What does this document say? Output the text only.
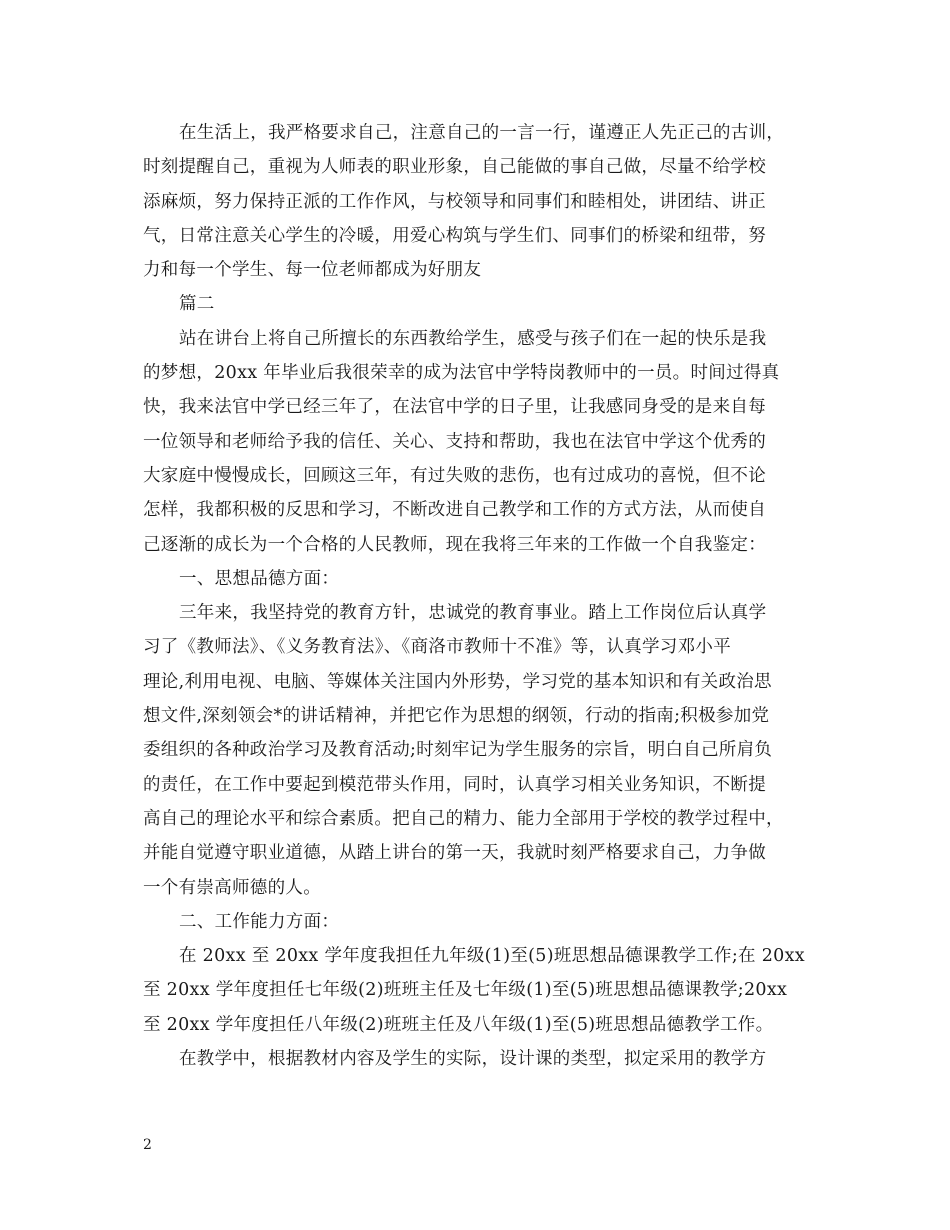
在生活上，我严格要求自己，注意自己的一言一行，谨遵正人先正己的古训，
时刻提醒自己，重视为人师表的职业形象，自己能做的事自己做，尽量不给学校
添麻烦，努力保持正派的工作作风，与校领导和同事们和睦相处，讲团结、讲正
气，日常注意关心学生的冷暖，用爱心构筑与学生们、同事们的桥梁和纽带，努
力和每一个学生、每一位老师都成为好朋友
篇二
站在讲台上将自己所擅长的东西教给学生，感受与孩子们在一起的快乐是我
的梦想，20xx 年毕业后我很荣幸的成为法官中学特岗教师中的一员。时间过得真
快，我来法官中学已经三年了，在法官中学的日子里，让我感同身受的是来自每
一位领导和老师给予我的信任、关心、支持和帮助，我也在法官中学这个优秀的
大家庭中慢慢成长，回顾这三年，有过失败的悲伤，也有过成功的喜悦，但不论
怎样，我都积极的反思和学习，不断改进自己教学和工作的方式方法，从而使自
己逐渐的成长为一个合格的人民教师，现在我将三年来的工作做一个自我鉴定：
一、思想品德方面：
三年来，我坚持党的教育方针，忠诚党的教育事业。踏上工作岗位后认真学
习了《教师法》、《义务教育法》、《商洛市教师十不准》等，认真学习邓小平
理论,利用电视、电脑、等媒体关注国内外形势，学习党的基本知识和有关政治思
想文件,深刻领会*的讲话精神，并把它作为思想的纲领，行动的指南;积极参加党
委组织的各种政治学习及教育活动;时刻牢记为学生服务的宗旨，明白自己所肩负
的责任，在工作中要起到模范带头作用，同时，认真学习相关业务知识，不断提
高自己的理论水平和综合素质。把自己的精力、能力全部用于学校的教学过程中，
并能自觉遵守职业道德，从踏上讲台的第一天，我就时刻严格要求自己，力争做
一个有崇高师德的人。
二、工作能力方面：
在 20xx 至 20xx 学年度我担任九年级(1)至(5)班思想品德课教学工作;在 20xx
至 20xx 学年度担任七年级(2)班班主任及七年级(1)至(5)班思想品德课教学;20xx
至 20xx 学年度担任八年级(2)班班主任及八年级(1)至(5)班思想品德教学工作。
在教学中，根据教材内容及学生的实际，设计课的类型，拟定采用的教学方
2
